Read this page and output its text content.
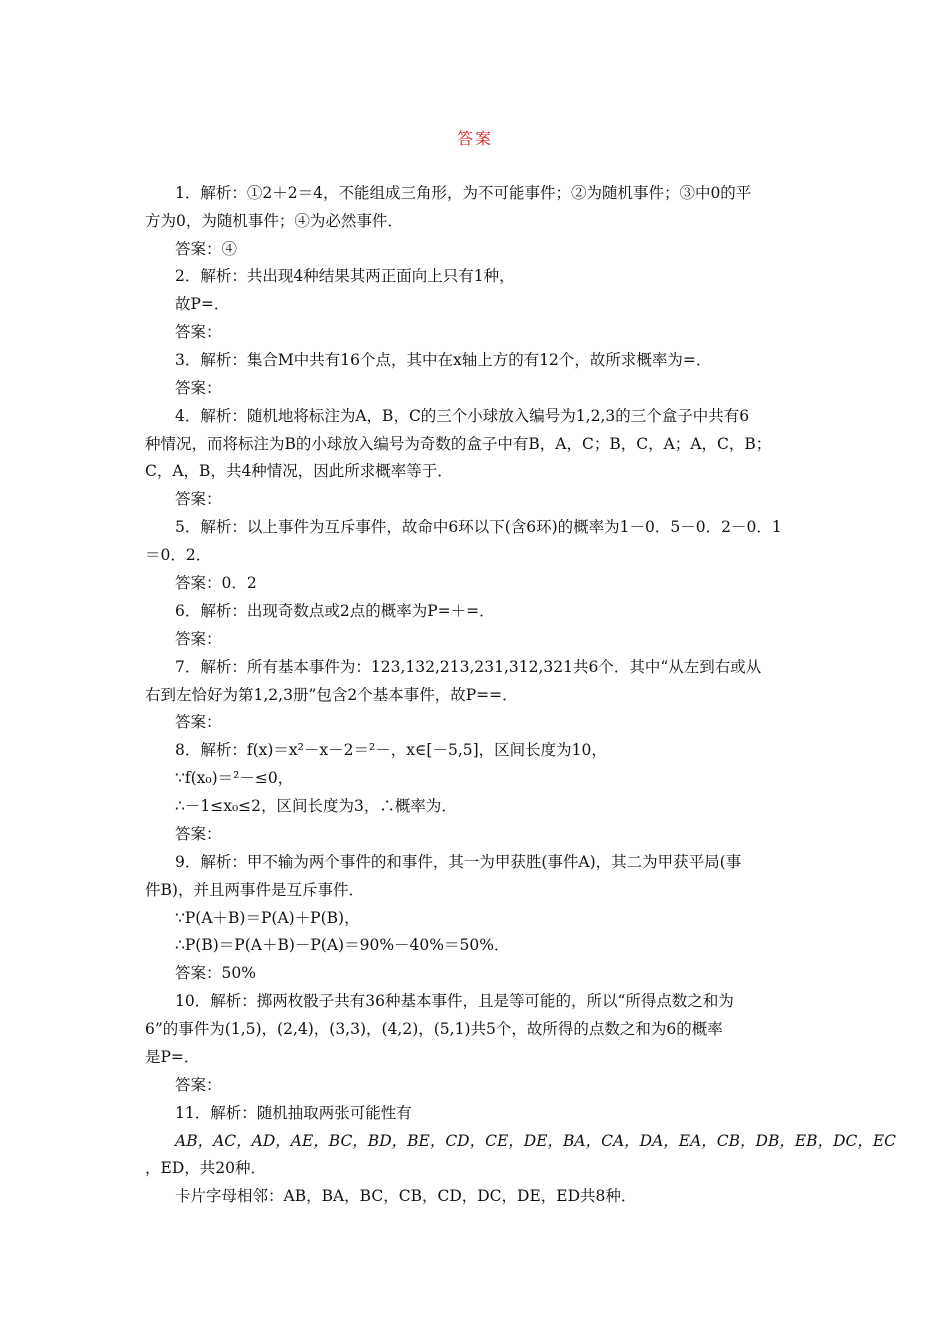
答案
1．解析：①2＋2＝4，不能组成三角形，为不可能事件；②为随机事件；③中0的平
方为0，为随机事件；④为必然事件．
答案：④
2．解析：共出现4种结果其两正面向上只有1种，
故P=．
答案：
3．解析：集合M中共有16个点，其中在x轴上方的有12个，故所求概率为=．
答案：
4．解析：随机地将标注为A，B，C的三个小球放入编号为1,2,3的三个盒子中共有6
种情况，而将标注为B的小球放入编号为奇数的盒子中有B，A，C；B，C，A；A，C，B；
C，A，B，共4种情况，因此所求概率等于．
答案：
5．解析：以上事件为互斥事件，故命中6环以下(含6环)的概率为1－0．5－0．2－0．1
＝0．2．
答案：0．2
6．解析：出现奇数点或2点的概率为P=＋=．
答案：
7．解析：所有基本事件为：123,132,213,231,312,321共6个．其中“从左到右或从
右到左恰好为第1,2,3册”包含2个基本事件，故P==．
答案：
8．解析：f(x)＝x²－x－2＝²－，x∈[－5,5]，区间长度为10，
∵f(x₀)＝²－≤0，
∴－1≤x₀≤2，区间长度为3，∴概率为．
答案：
9．解析：甲不输为两个事件的和事件，其一为甲获胜(事件A)，其二为甲获平局(事
件B)，并且两事件是互斥事件．
∵P(A＋B)＝P(A)＋P(B)，
∴P(B)＝P(A＋B)－P(A)＝90%－40%＝50%．
答案：50%
10．解析：掷两枚骰子共有36种基本事件，且是等可能的，所以“所得点数之和为
6”的事件为(1,5)，(2,4)，(3,3)，(4,2)，(5,1)共5个，故所得的点数之和为6的概率
是P=．
答案：
11．解析：随机抽取两张可能性有
AB，AC，AD，AE，BC，BD，BE，CD，CE，DE，BA，CA，DA，EA，CB，DB，EB，DC，EC
，ED，共20种．
卡片字母相邻：AB，BA，BC，CB，CD，DC，DE，ED共8种．
